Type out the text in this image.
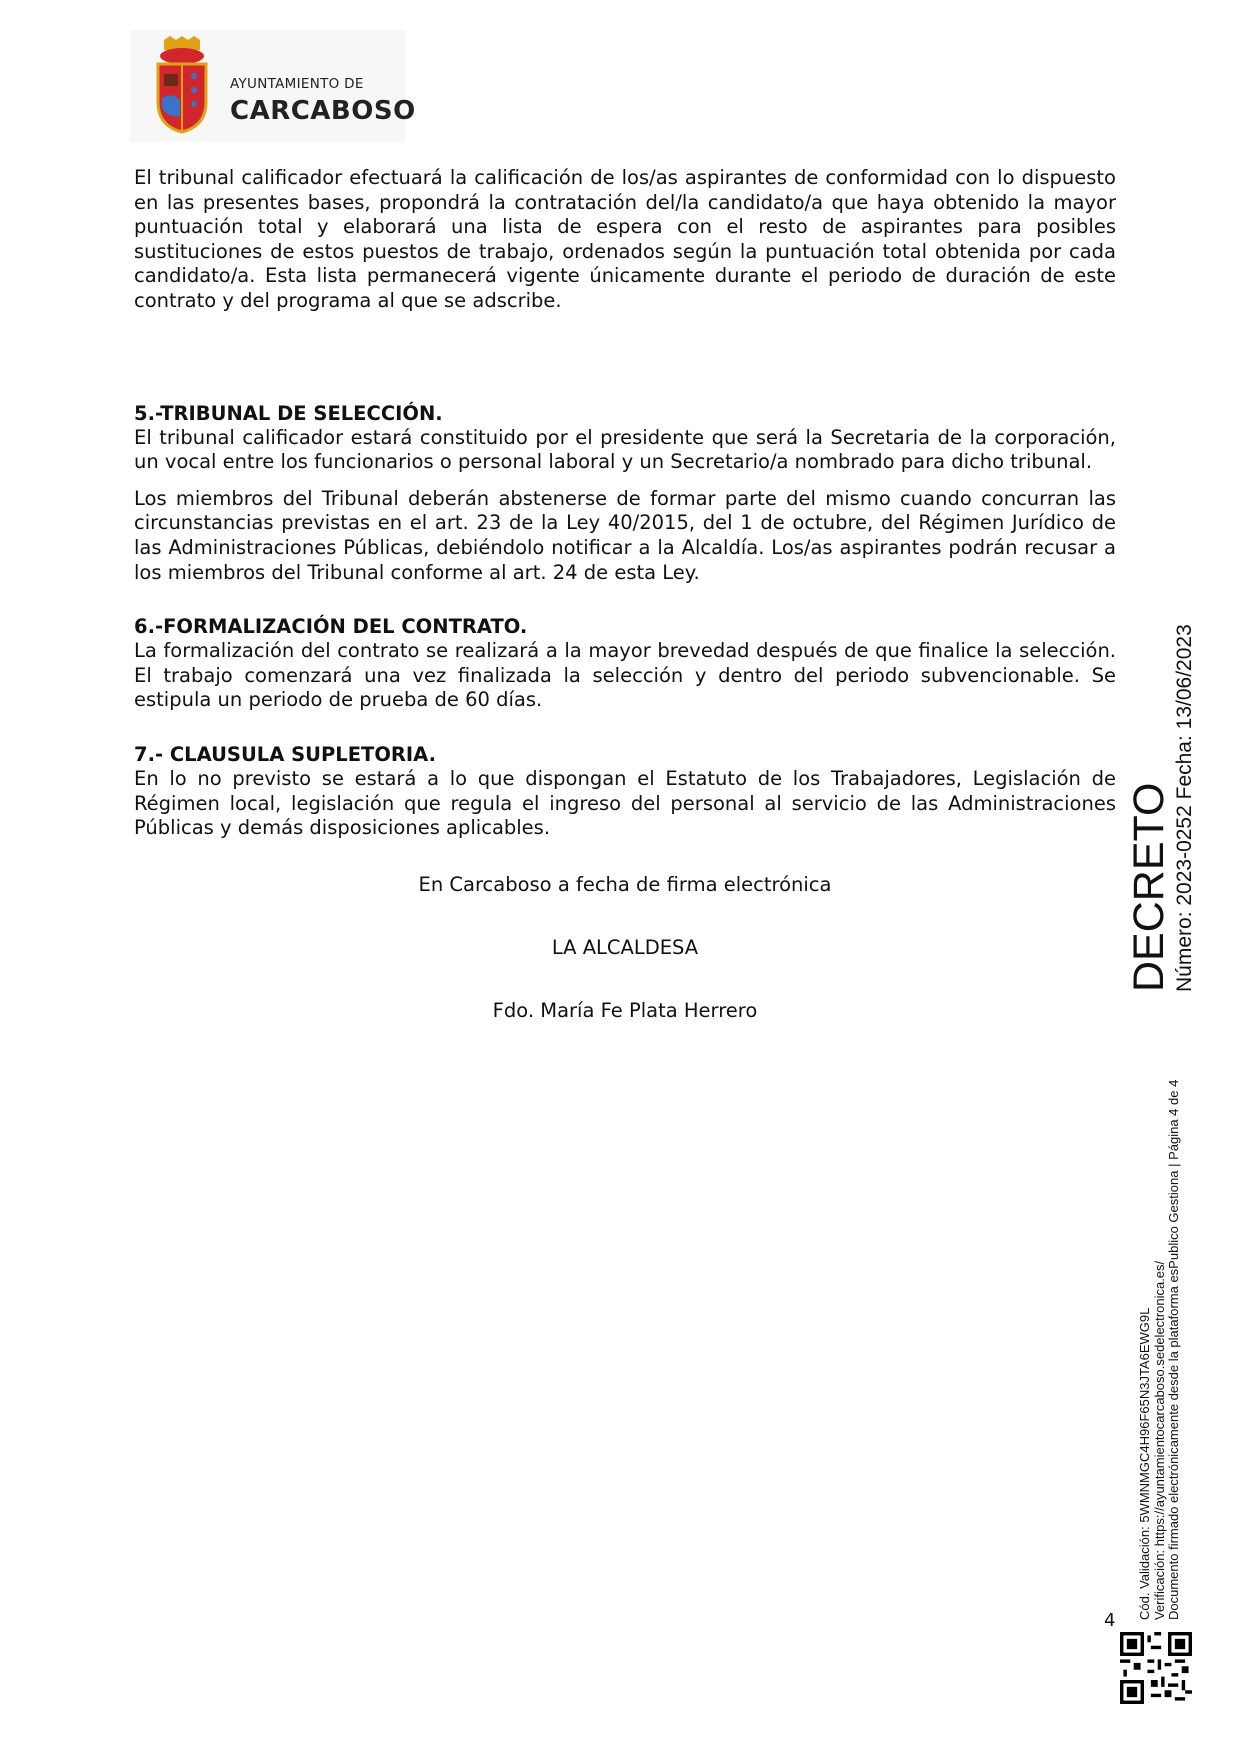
AYUNTAMIENTO DE
CARCABOSO

El tribunal calificador efectuará la calificación de los/as aspirantes de conformidad con lo dispuesto en las presentes bases, propondrá la contratación del/la candidato/a que haya obtenido la mayor puntuación total y elaborará una lista de espera con el resto de aspirantes para posibles sustituciones de estos puestos de trabajo, ordenados según la puntuación total obtenida por cada candidato/a. Esta lista permanecerá vigente únicamente durante el periodo de duración de este contrato y del programa al que se adscribe.

5.-TRIBUNAL DE SELECCIÓN.

El tribunal calificador estará constituido por el presidente que será la Secretaria de la corporación, un vocal entre los funcionarios o personal laboral y un Secretario/a nombrado para dicho tribunal.

Los miembros del Tribunal deberán abstenerse de formar parte del mismo cuando concurran las circunstancias previstas en el art. 23 de la Ley 40/2015, del 1 de octubre, del Régimen Jurídico de las Administraciones Públicas, debiéndolo notificar a la Alcaldía. Los/as aspirantes podrán recusar a los miembros del Tribunal conforme al art. 24 de esta Ley.

6.-FORMALIZACIÓN DEL CONTRATO.

La formalización del contrato se realizará a la mayor brevedad después de que finalice la selección. El trabajo comenzará una vez finalizada la selección y dentro del periodo subvencionable. Se estipula un periodo de prueba de 60 días.

7.- CLAUSULA SUPLETORIA.

En lo no previsto se estará a lo que dispongan el Estatuto de los Trabajadores, Legislación de Régimen local, legislación que regula el ingreso del personal al servicio de las Administraciones Públicas y demás disposiciones aplicables.

En Carcaboso a fecha de firma electrónica
LA ALCALDESA
Fdo. María Fe Plata Herrero
DECRETO Número: 2023-0252 Fecha: 13/06/2023
Cód. Validación: 5WMNMGC4H96F65N3JTA6EWG9L Verificación: https://ayuntamientocarcaboso.sedelectronica.es/ Documento firmado electrónicamente desde la plataforma esPublico Gestiona | Página 4 de 4
4
